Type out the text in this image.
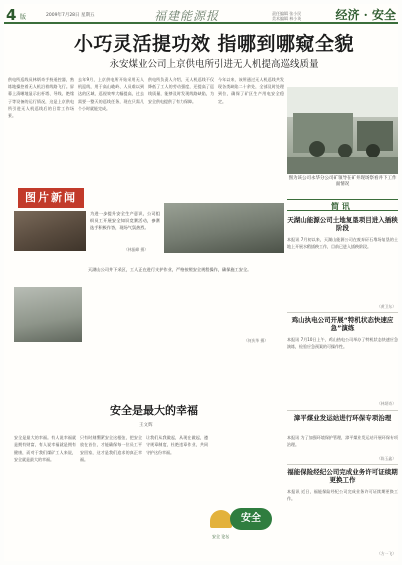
4 版	2009年7月28日 星期五	福建能源报	责任编辑 张小民
美术编辑 林小英	经济 · 安全
小巧灵活提功效 指哪到哪窥全貌
永安煤业公司上京供电所引进无人机提高巡线质量
供电所巡线员林炳奇手持遥控器，熟练地操控着无人机沿着线路飞行。屏幕上清晰地显示出杆塔、导线、绝缘子等设备的运行情况，这是上京供电所引进无人机巡线后的日常工作场景。
去年9月，上京供电所开始采用无人机巡线，用于高山峻岭、人员难以到达的区域，巡视效率大幅提高，过去需要一整天的巡线任务，现在只需几个小时就能完成。
供电所负责人介绍，无人机巡线不仅降低了工人的劳动强度，还提高了巡线质量，能够及时发现线路缺陷，为安全供电提供了有力保障。
今年以来，该所通过无人机巡线共发现各类缺陷二十余处，全部及时处理到位，确保了矿区生产用电安全稳定。
图为该公司永华分公司矿领导在矿井现场察看井下工作面情况
简 讯
天湖山能源公司土地复垦项目进入插秧阶段
本报讯 7月初以来，天湖山能源公司在废弃矸石堆场复垦的土地上开展水稻插秧工作，目前已进入插秧阶段。
（黄卫东）
鸡山执电公司开展“特机状态快速应急”演练
本报讯 7月10日上午，鸡山热电公司举办了特机状态快速应急演练，检验应急预案的可操作性。
（林炳奇）
漳平煤业发运站进行环保专项治理
本报讯 为了加强环境保护管理，漳平煤业发运站开展环保专项治理。
（陈玉鑫）
福能保险经纪公司完成业务许可证续期更换工作
本报讯 近日，福能保险经纪公司完成业务许可证续期更换工作。
（方一飞）
图片新闻
为进一步提升安全生产意识，公司组织员工开展安全知识竞赛活动，参赛选手积极作答，现场气氛热烈。
（林振峰 摄）
天湖山公司井下采区，工人正在进行支护作业，严格按照安全规程操作，确保施工安全。
（何庆华 摄）
安全是最大的幸福
王文辉
安全是最大的幸福。有人说幸福就是拥有财富，有人说幸福就是拥有健康，而对于我们煤矿工人来说，安全就是最大的幸福。
只有时刻绷紧安全这根弦，把安全放在首位，才能确保每一位员工平安回家，这才是我们追求的真正幸福。
让我们从我做起，从现在做起，遵守规章制度，杜绝违章作业，共同守护这份幸福。
安全
安全 论坛
